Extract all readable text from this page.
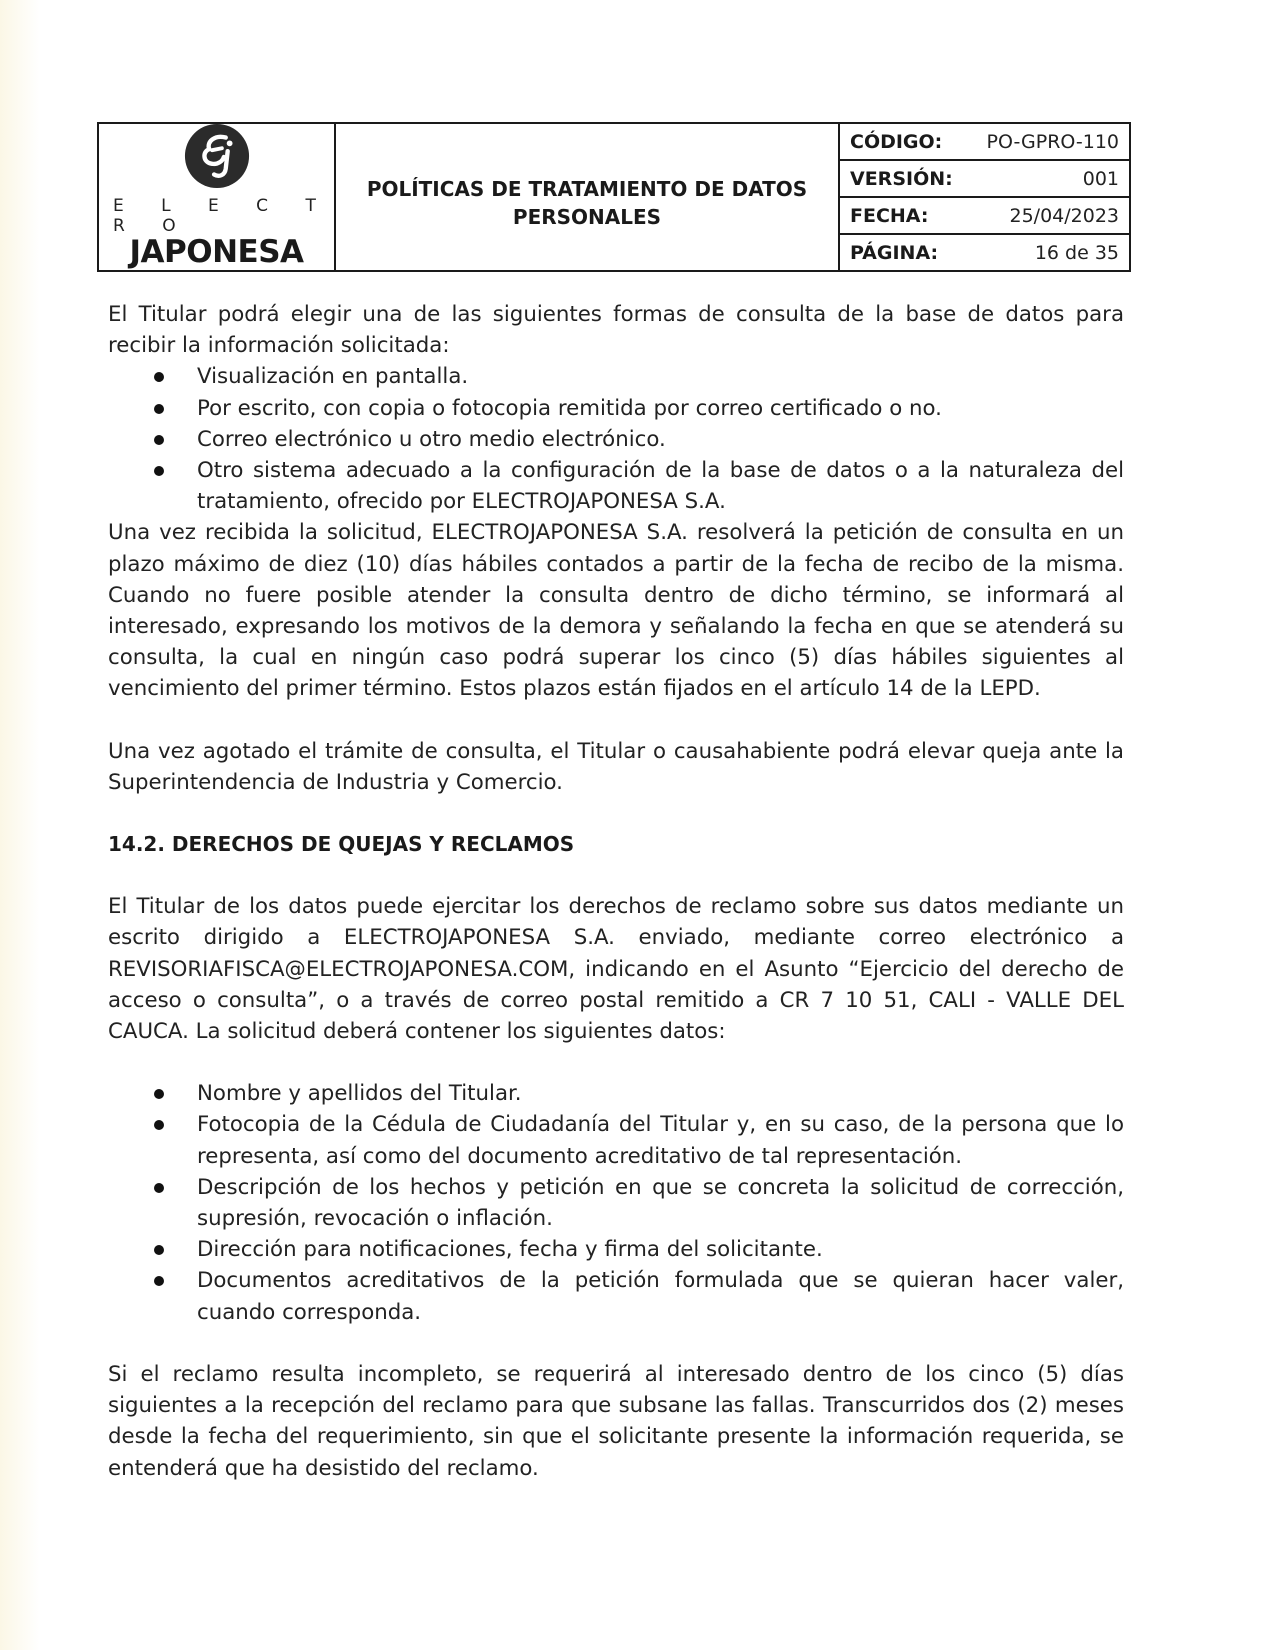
E L E C T R O
JAPONESA
POLÍTICAS DE TRATAMIENTO DE DATOS
PERSONALES
CÓDIGO: PO-GPRO-110
VERSIÓN:	001
FECHA:	25/04/2023
PÁGINA:	16 de 35

El Titular podrá elegir una de las siguientes formas de consulta de la base de datos para recibir la información solicitada:

Visualización en pantalla.
Por escrito, con copia o fotocopia remitida por correo certificado o no.
Correo electrónico u otro medio electrónico.
Otro sistema adecuado a la configuración de la base de datos o a la naturaleza del tratamiento, ofrecido por ELECTROJAPONESA S.A.

Una vez recibida la solicitud, ELECTROJAPONESA S.A. resolverá la petición de consulta en un plazo máximo de diez (10) días hábiles contados a partir de la fecha de recibo de la misma. Cuando no fuere posible atender la consulta dentro de dicho término, se informará al interesado, expresando los motivos de la demora y señalando la fecha en que se atenderá su consulta, la cual en ningún caso podrá superar los cinco (5) días hábiles siguientes al vencimiento del primer término. Estos plazos están fijados en el artículo 14 de la LEPD.

Una vez agotado el trámite de consulta, el Titular o causahabiente podrá elevar queja ante la Superintendencia de Industria y Comercio.

14.2. DERECHOS DE QUEJAS Y RECLAMOS

El Titular de los datos puede ejercitar los derechos de reclamo sobre sus datos mediante un escrito dirigido a ELECTROJAPONESA S.A. enviado, mediante correo electrónico a REVISORIAFISCA@ELECTROJAPONESA.COM, indicando en el Asunto “Ejercicio del derecho de acceso o consulta”, o a través de correo postal remitido a CR 7 10 51, CALI - VALLE DEL CAUCA. La solicitud deberá contener los siguientes datos:

Nombre y apellidos del Titular.
Fotocopia de la Cédula de Ciudadanía del Titular y, en su caso, de la persona que lo representa, así como del documento acreditativo de tal representación.
Descripción de los hechos y petición en que se concreta la solicitud de corrección, supresión, revocación o inflación.
Dirección para notificaciones, fecha y firma del solicitante.
Documentos acreditativos de la petición formulada que se quieran hacer valer, cuando corresponda.

Si el reclamo resulta incompleto, se requerirá al interesado dentro de los cinco (5) días siguientes a la recepción del reclamo para que subsane las fallas. Transcurridos dos (2) meses desde la fecha del requerimiento, sin que el solicitante presente la información requerida, se entenderá que ha desistido del reclamo.
